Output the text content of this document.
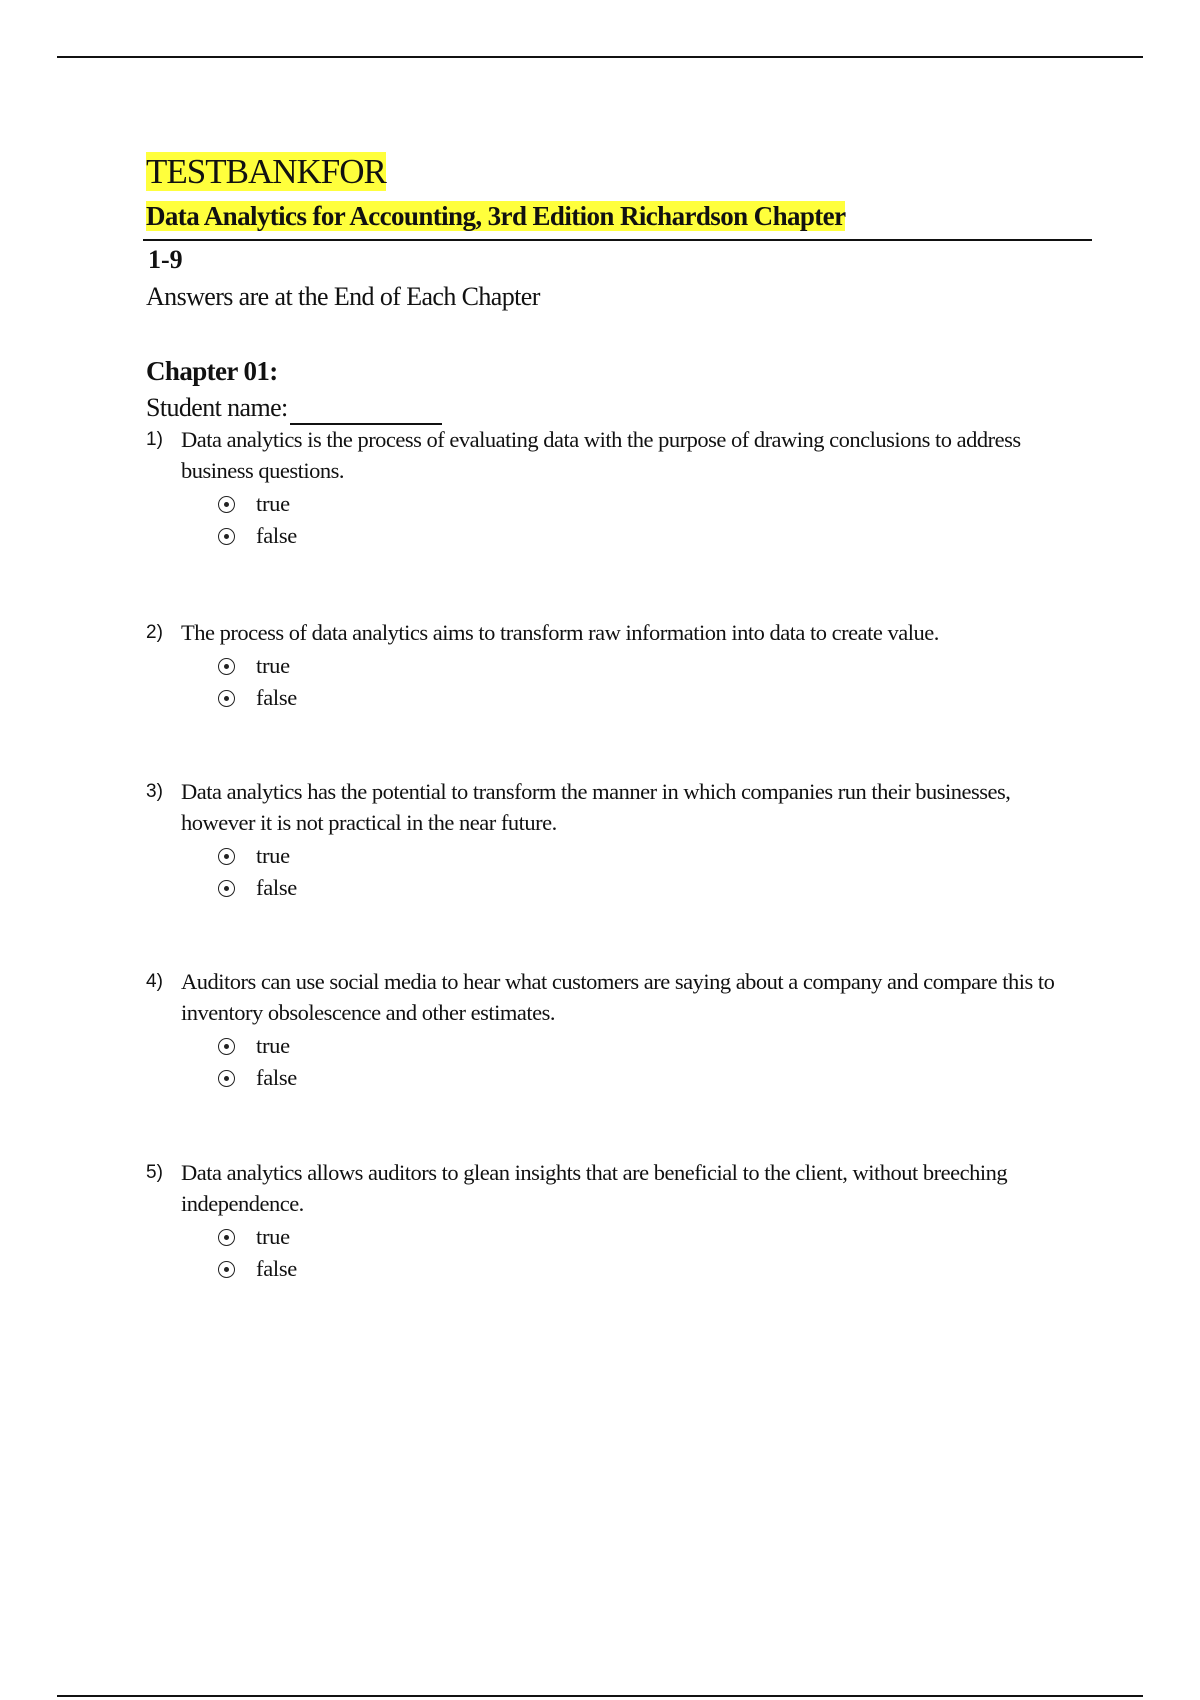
TESTBANKFOR
Data Analytics for Accounting, 3rd Edition Richardson Chapter
1-9
Answers are at the End of Each Chapter
Chapter 01:
Student name:
1) Data analytics is the process of evaluating data with the purpose of drawing conclusions to address business questions.
true
false
2) The process of data analytics aims to transform raw information into data to create value.
true
false
3) Data analytics has the potential to transform the manner in which companies run their businesses, however it is not practical in the near future.
true
false
4) Auditors can use social media to hear what customers are saying about a company and compare this to inventory obsolescence and other estimates.
true
false
5) Data analytics allows auditors to glean insights that are beneficial to the client, without breeching independence.
true
false
